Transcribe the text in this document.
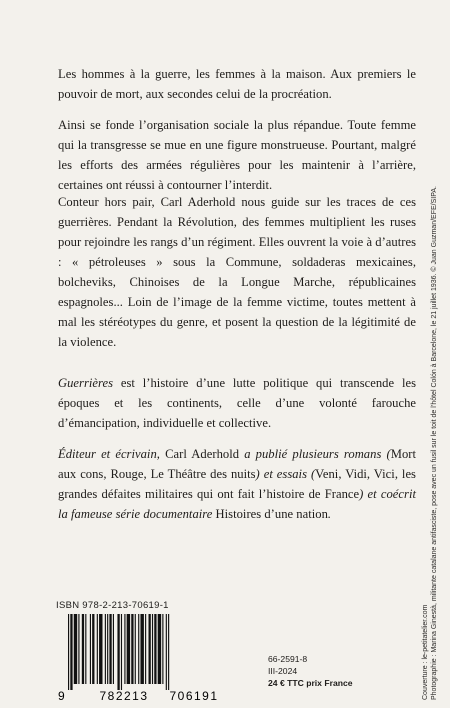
Les hommes à la guerre, les femmes à la maison. Aux premiers le pouvoir de mort, aux secondes celui de la procréation.

Ainsi se fonde l’organisation sociale la plus répandue. Toute femme qui la transgresse se mue en une figure monstrueuse. Pourtant, malgré les efforts des armées régulières pour les maintenir à l’arrière, certaines ont réussi à contourner l’interdit.

Conteur hors pair, Carl Aderhold nous guide sur les traces de ces guerrières. Pendant la Révolution, des femmes multiplient les ruses pour rejoindre les rangs d’un régiment. Elles ouvrent la voie à d’autres : « pétroleuses » sous la Commune, soldaderas mexicaines, bolcheviks, Chinoises de la Longue Marche, républicaines espagnoles... Loin de l’image de la femme victime, toutes mettent à mal les stéréotypes du genre, et posent la question de la légitimité de la violence.

Guerrières est l’histoire d’une lutte politique qui transcende les époques et les continents, celle d’une volonté farouche d’émancipation, individuelle et collective.

Éditeur et écrivain, Carl Aderhold a publié plusieurs romans (Mort aux cons, Rouge, Le Théâtre des nuits) et essais (Veni, Vidi, Vici, les grandes défaites militaires qui ont fait l’histoire de France) et coécrit la fameuse série documentaire Histoires d’une nation.

ISBN 978-2-213-70619-1
9	782213 706191
66-2591-8
III-2024
24 € TTC prix France	Couverture : le-petitatelier.com Photographie : Marina Ginestà, militante catalane antifasciste, pose avec un fusil sur le toit de l’hôtel Colón à Barcelone, le 21 juillet 1936. © Juan Guzman/EFE/SIPA.
